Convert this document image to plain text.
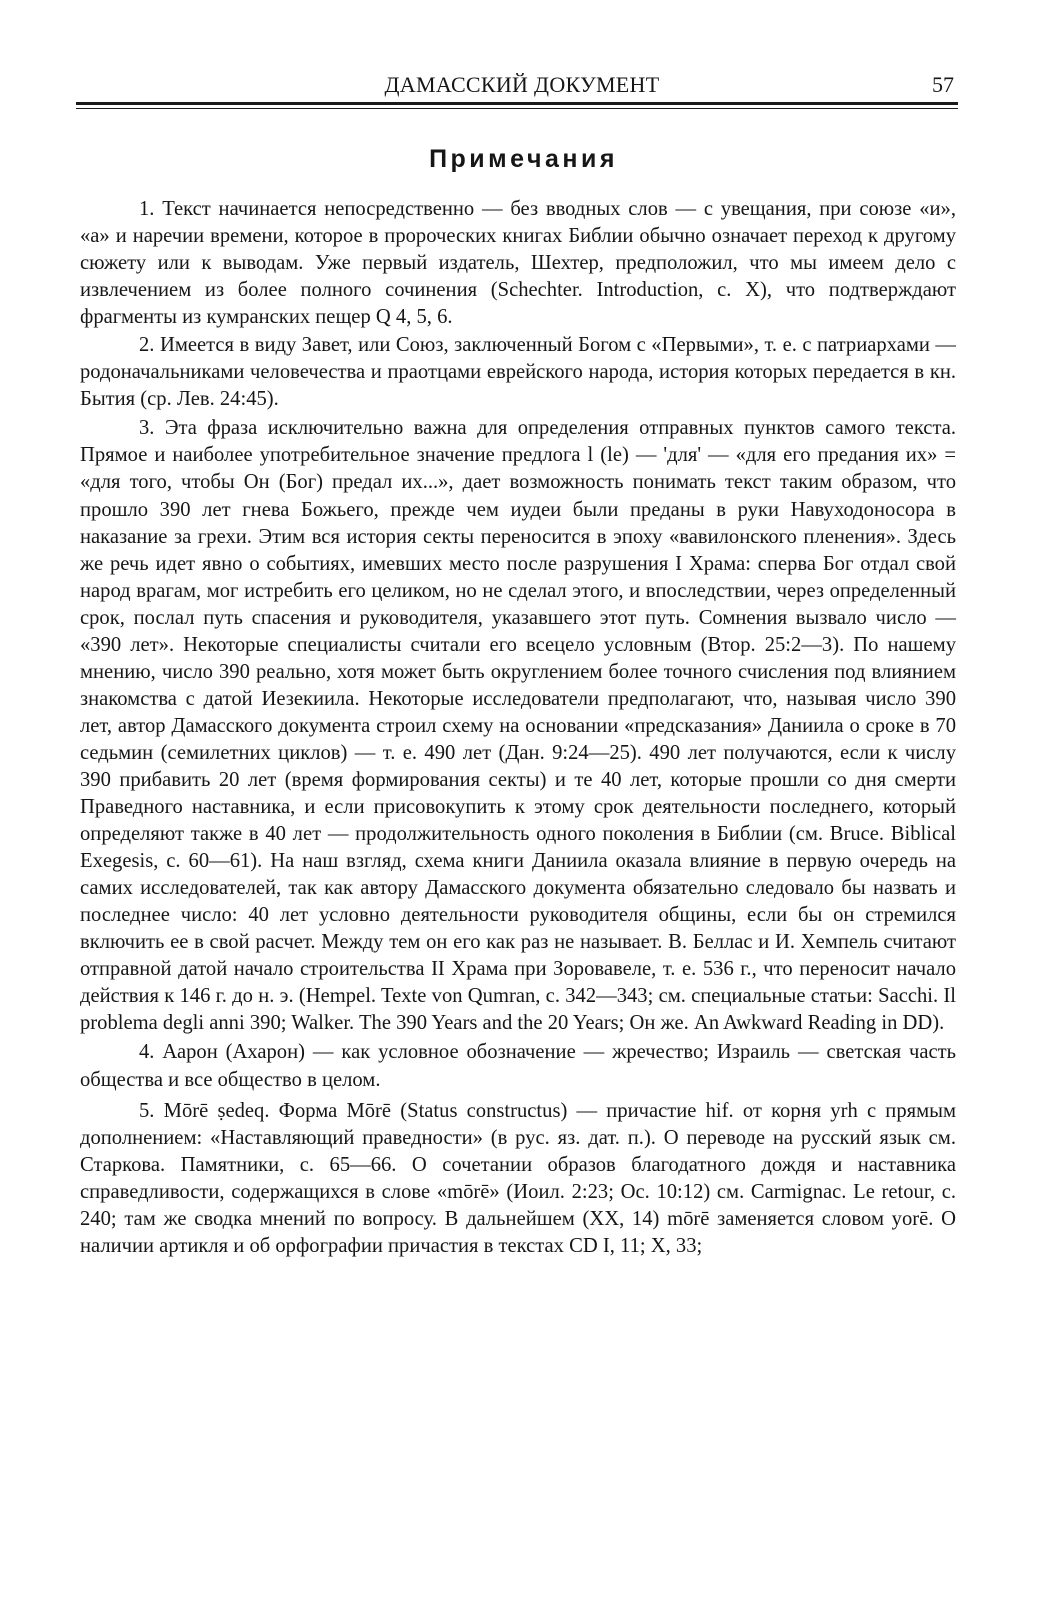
ДАМАССКИЙ ДОКУМЕНТ	57
Примечания

1. Текст начинается непосредственно — без вводных слов — с увещания, при союзе «и», «а» и наречии времени, которое в пророческих книгах Библии обычно означает переход к другому сюжету или к выводам. Уже первый издатель, Шехтер, предположил, что мы имеем дело с извлечением из более полного сочинения (Schechter. Introduction, с. X), что подтверждают фрагменты из кумранских пещер Q 4, 5, 6.

2. Имеется в виду Завет, или Союз, заключенный Богом с «Первыми», т. е. с патриархами — родоначальниками человечества и праотцами еврейского народа, история которых передается в кн. Бытия (ср. Лев. 24:45).

3. Эта фраза исключительно важна для определения отправных пунктов самого текста. Прямое и наиболее употребительное значение предлога l (le) — 'для' — «для его предания их» = «для того, чтобы Он (Бог) предал их...», дает возможность понимать текст таким образом, что прошло 390 лет гнева Божьего, прежде чем иудеи были преданы в руки Навуходоносора в наказание за грехи. Этим вся история секты переносится в эпоху «вавилонского пленения». Здесь же речь идет явно о событиях, имевших место после разрушения I Храма: сперва Бог отдал свой народ врагам, мог истребить его целиком, но не сделал этого, и впоследствии, через определенный срок, послал путь спасения и руководителя, указавшего этот путь. Сомнения вызвало число — «390 лет». Некоторые специалисты считали его всецело условным (Втор. 25:2—3). По нашему мнению, число 390 реально, хотя может быть округлением более точного счисления под влиянием знакомства с датой Иезекиила. Некоторые исследователи предполагают, что, называя число 390 лет, автор Дамасского документа строил схему на основании «предсказания» Даниила о сроке в 70 седьмин (семилетних циклов) — т. е. 490 лет (Дан. 9:24—25). 490 лет получаются, если к числу 390 прибавить 20 лет (время формирования секты) и те 40 лет, которые прошли со дня смерти Праведного наставника, и если присовокупить к этому срок деятельности последнего, который определяют также в 40 лет — продолжительность одного поколения в Библии (см. Bruce. Biblical Exegesis, с. 60—61). На наш взгляд, схема книги Даниила оказала влияние в первую очередь на самих исследователей, так как автору Дамасского документа обязательно следовало бы назвать и последнее число: 40 лет условно деятельности руководителя общины, если бы он стремился включить ее в свой расчет. Между тем он его как раз не называет. В. Беллас и И. Хемпель считают отправной датой начало строительства II Храма при Зоровавеле, т. е. 536 г., что переносит начало действия к 146 г. до н. э. (Hempel. Texte von Qumran, с. 342—343; см. специальные статьи: Sacchi. Il problema degli anni 390; Walker. The 390 Years and the 20 Years; Он же. An Awkward Reading in DD).

4. Аарон (Ахарон) — как условное обозначение — жречество; Израиль — светская часть общества и все общество в целом.

5. Mōrē ṣedeq. Форма Mōrē (Status constructus) — причастие hif. от корня yrh с прямым дополнением: «Наставляющий праведности» (в рус. яз. дат. п.). О переводе на русский язык см. Старкова. Памятники, с. 65—66. О сочетании образов благодатного дождя и наставника справедливости, содержащихся в слове «mōrē» (Иоил. 2:23; Ос. 10:12) см. Carmignac. Le retour, с. 240; там же сводка мнений по вопросу. В дальнейшем (XX, 14) mōrē заменяется словом yorē. О наличии артикля и об орфографии причастия в текстах CD I, 11; X, 33;
